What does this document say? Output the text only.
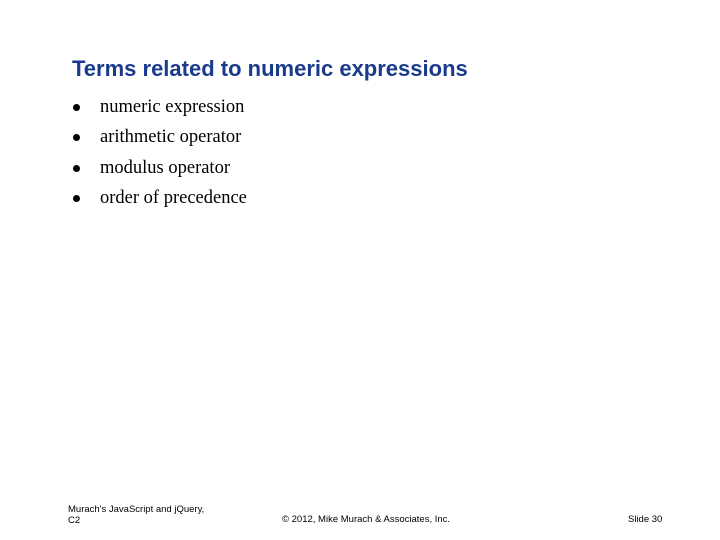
Terms related to numeric expressions
numeric expression
arithmetic operator
modulus operator
order of precedence
Murach's JavaScript and jQuery,
C2	© 2012, Mike Murach & Associates, Inc.	Slide 30
